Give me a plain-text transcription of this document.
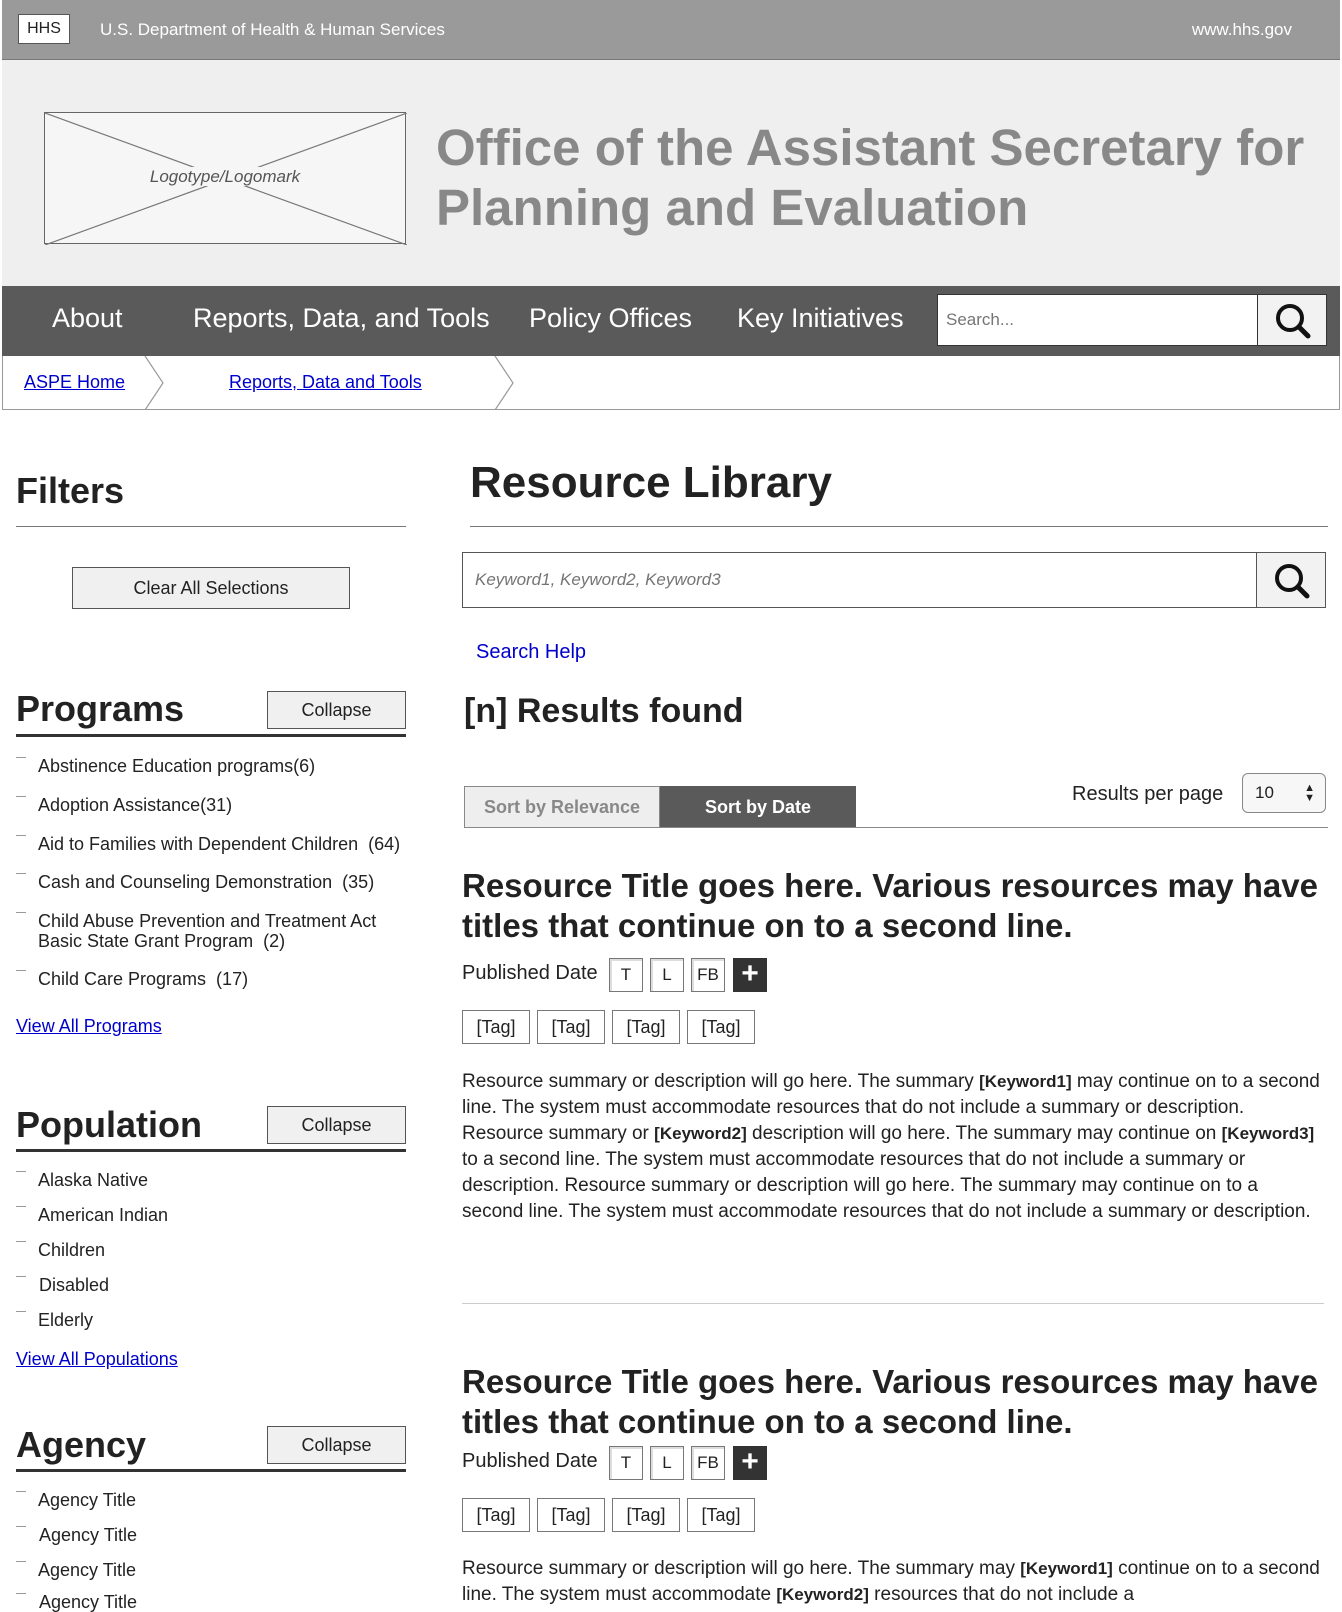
HHS	U.S. Department of Health & Human Services	www.hhs.gov
Logotype/Logomark
Office of the Assistant Secretary for
Planning and Evaluation
About	Reports, Data, and Tools Policy Offices Key Initiatives
Search...
ASPE Home	Reports, Data and Tools
Filters
Clear All Selections
Programs	Collapse
Abstinence Education programs(6)
Adoption Assistance(31)
Aid to Families with Dependent Children  (64)
Cash and Counseling Demonstration  (35)
Child Abuse Prevention and Treatment Act Basic State Grant Program  (2)
Child Care Programs  (17)
View All Programs
Population	Collapse
Alaska Native
American Indian
Children
Disabled
Elderly
View All Populations
Agency	Collapse
Agency Title
Agency Title
Agency Title
Agency Title
Resource Library
Keyword1, Keyword2, Keyword3
Search Help
[n] Results found
Sort by Relevance	Sort by Date
Results per page	10	▲
▼
Resource Title goes here. Various resources may have titles that continue on to a second line.
Published Date	T	L	FB +
[Tag]	[Tag]	[Tag]	[Tag]
Resource summary or description will go here. The summary [Keyword1] may continue on to a second line. The system must accommodate resources that do not include a summary or description. Resource summary or [Keyword2] description will go here. The summary may continue on [Keyword3] to a second line. The system must accommodate resources that do not include a summary or description. Resource summary or description will go here. The summary may continue on to a second line. The system must accommodate resources that do not include a summary or description.
Resource Title goes here. Various resources may have titles that continue on to a second line.
Published Date	T	L	FB +
[Tag]	[Tag]	[Tag]	[Tag]
Resource summary or description will go here. The summary may [Keyword1] continue on to a second line. The system must accommodate [Keyword2] resources that do not include a
